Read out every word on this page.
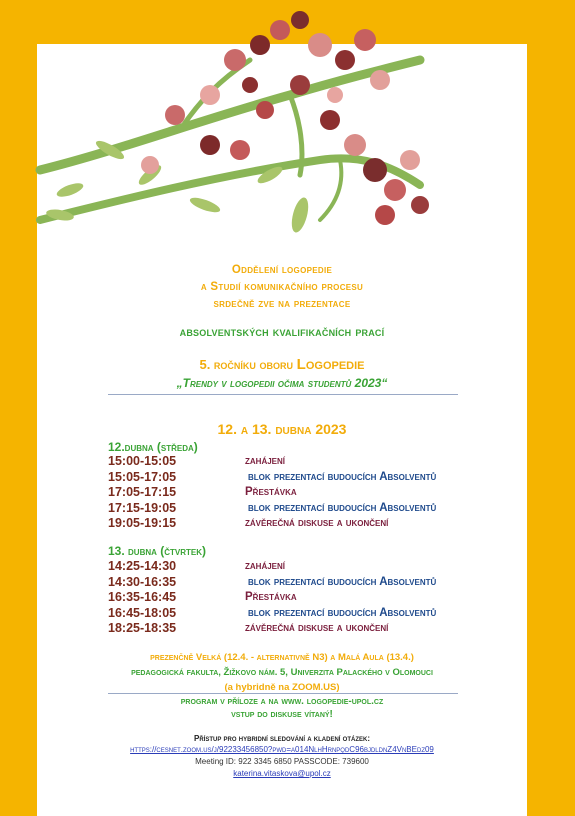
Oddělení logopedie
a Studií komunikačního procesu
srdečně zve na prezentace
absolventských kvalifikačních prací
5. ročníku oboru Logopedie
„Trendy v logopedii očima studentů 2023“
12. a 13. dubna 2023
12.dubna (středa)
15:00-15:05	zahájení
15:05-17:05	blok prezentací budoucích Absolventů
17:05-17:15	Přestávka
17:15-19:05	blok prezentací budoucích Absolventů
19:05-19:15	závěrečná diskuse a ukončení
13. dubna (čtvrtek)
14:25-14:30	zahájení
14:30-16:35	blok prezentací budoucích Absolventů
16:35-16:45	Přestávka
16:45-18:05	blok prezentací budoucích Absolventů
18:25-18:35	závěrečná diskuse a ukončení
prezenčně Velká (12.4. - alternativně N3) a Malá Aula (13.4.)
pedagogická fakulta, Žižkovo nám. 5, Univerzita Palackého v Olomouci
(a hybridně na ZOOM.US)
program v příloze a na www. logopedie-upol.cz
vstup do diskuse vítaný!
Přístup pro hybridní sledování a kladení otázek:
https://cesnet.zoom.us/j/92233456850?pwd=a014NlhHrnpqdC96bjdldnZ4VnBEdz09
Meeting ID: 922 3345 6850 PASSCODE: 739600
katerina.vitaskova@upol.cz
